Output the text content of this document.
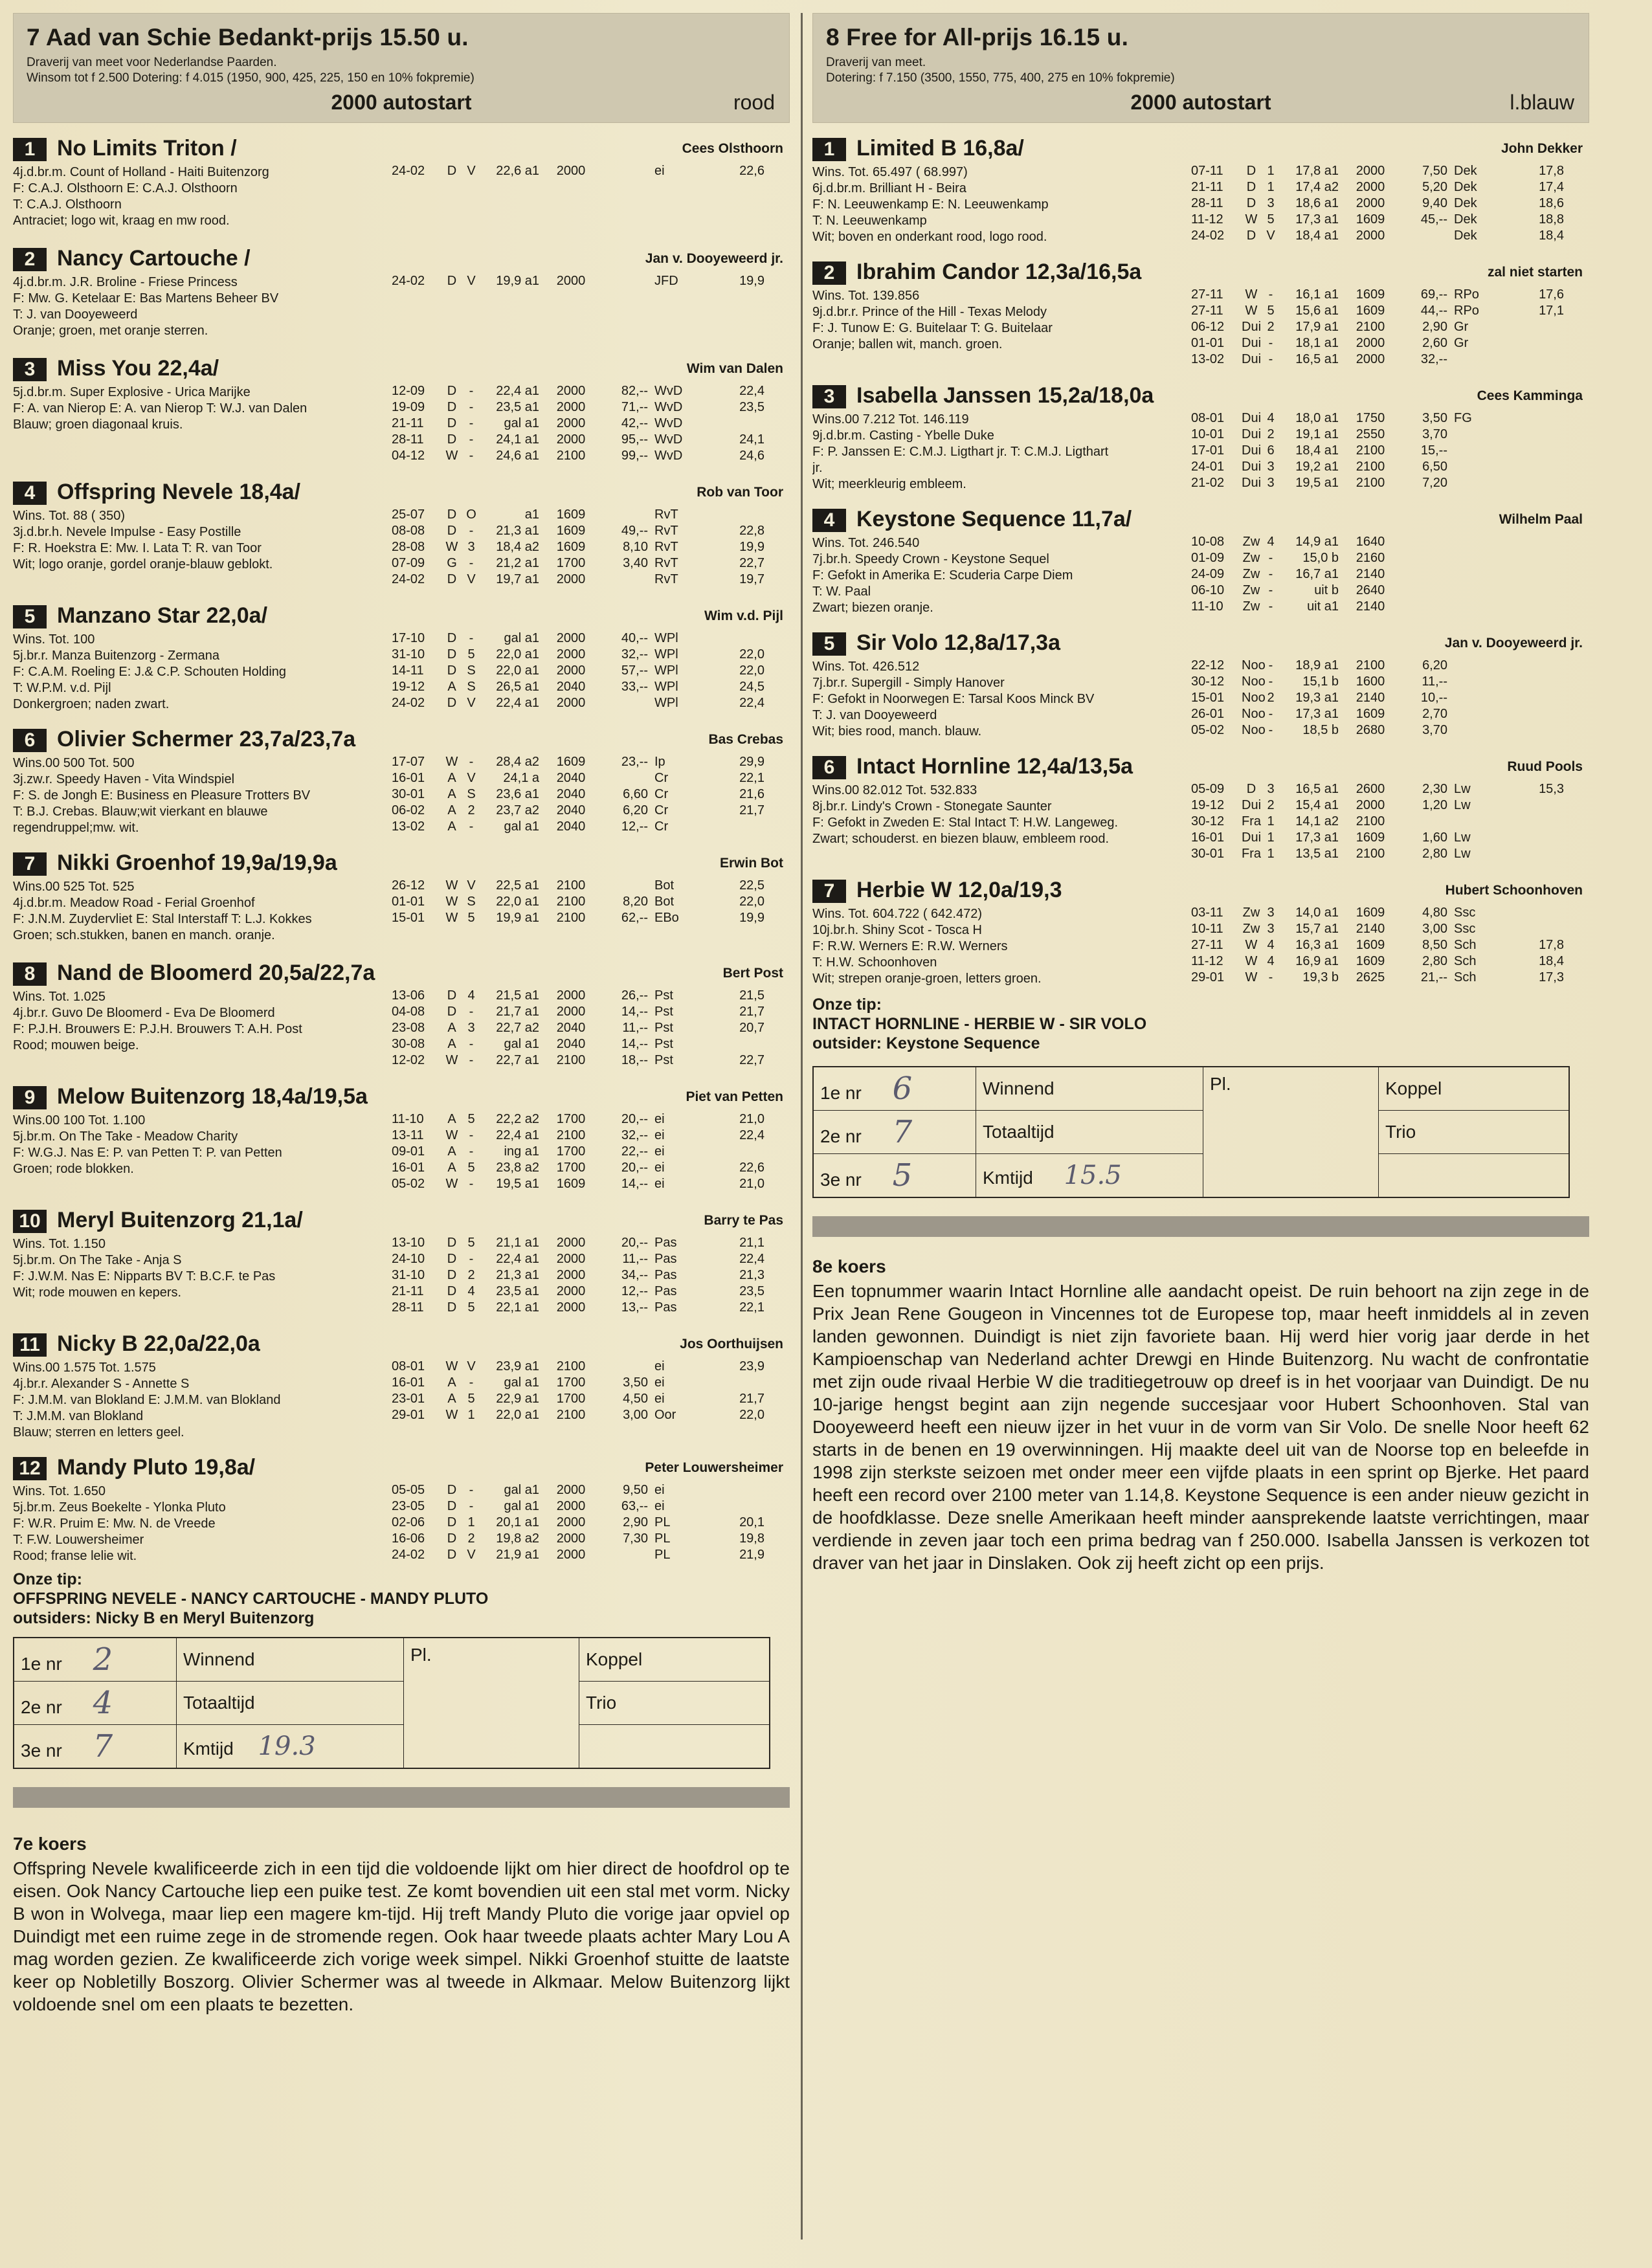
7 Aad van Schie Bedankt-prijs 15.50 u.
Draverij van meet voor Nederlandse Paarden.
Winsom tot f 2.500 Dotering: f 4.015 (1950, 900, 425, 225, 150 en 10% fokpremie)
2000 autostart	rood
1 No Limits Triton /	Cees Olsthoorn
4j.d.br.m. Count of Holland - Haiti Buitenzorg
F: C.A.J. Olsthoorn E: C.A.J. Olsthoorn
T: C.A.J. Olsthoorn
Antraciet; logo wit, kraag en mw rood.
24-02 D V 22,6 a1 2000	ei	22,6
2 Nancy Cartouche /	Jan v. Dooyeweerd jr.
4j.d.br.m. J.R. Broline - Friese Princess
F: Mw. G. Ketelaar E: Bas Martens Beheer BV
T: J. van Dooyeweerd
Oranje; groen, met oranje sterren.
24-02 D V 19,9 a1 2000	JFD	19,9
3 Miss You 22,4a/	Wim van Dalen
5j.d.br.m. Super Explosive - Urica Marijke
F: A. van Nierop E: A. van Nierop T: W.J. van Dalen
Blauw; groen diagonaal kruis.
12-09 D - 22,4 a1 2000	82,-- WvD	22,4
19-09 D - 23,5 a1 2000	71,-- WvD	23,5
21-11 D - gal a1 2000	42,-- WvD
28-11 D - 24,1 a1 2000	95,-- WvD	24,1
04-12 W - 24,6 a1 2100	99,-- WvD	24,6
4 Offspring Nevele 18,4a/	Rob van Toor
Wins. Tot. 88 ( 350)
3j.d.br.h. Nevele Impulse - Easy Postille
F: R. Hoekstra E: Mw. I. Lata T: R. van Toor
Wit; logo oranje, gordel oranje-blauw geblokt.
25-07 D O	a1 1609	RvT
08-08 D - 21,3 a1 1609	49,-- RvT	22,8
28-08 W 3 18,4 a2 1609	8,10 RvT	19,9
07-09 G - 21,2 a1 1700	3,40 RvT	22,7
24-02 D V 19,7 a1 2000	RvT	19,7
5 Manzano Star 22,0a/	Wim v.d. Pijl
Wins. Tot. 100
5j.br.r. Manza Buitenzorg - Zermana
F: C.A.M. Roeling E: J.& C.P. Schouten Holding
T: W.P.M. v.d. Pijl
Donkergroen; naden zwart.
17-10 D - gal a1 2000	40,-- WPl
31-10 D 5 22,0 a1 2000	32,-- WPl	22,0
14-11 D S 22,0 a1 2000	57,-- WPl	22,0
19-12 A S 26,5 a1 2040	33,-- WPl	24,5
24-02 D V 22,4 a1 2000	WPl	22,4
6 Olivier Schermer 23,7a/23,7a	Bas Crebas
Wins.00 500 Tot. 500
3j.zw.r. Speedy Haven - Vita Windspiel
F: S. de Jongh E: Business en Pleasure Trotters BV
T: B.J. Crebas. Blauw;wit vierkant en blauwe
regendruppel;mw. wit.
17-07 W - 28,4 a2 1609	23,-- Ip	29,9
16-01 A V 24,1 a 2040	Cr	22,1
30-01 A S 23,6 a1 2040	6,60 Cr	21,6
06-02 A 2 23,7 a2 2040	6,20 Cr	21,7
13-02 A - gal a1 2040	12,-- Cr
7 Nikki Groenhof 19,9a/19,9a	Erwin Bot
Wins.00 525 Tot. 525
4j.d.br.m. Meadow Road - Ferial Groenhof
F: J.N.M. Zuydervliet E: Stal Interstaff T: L.J. Kokkes
Groen; sch.stukken, banen en manch. oranje.
26-12 W V 22,5 a1 2100	Bot	22,5
01-01 W S 22,0 a1 2100	8,20 Bot	22,0
15-01 W 5 19,9 a1 2100	62,-- EBo	19,9
8 Nand de Bloomerd 20,5a/22,7a	Bert Post
Wins. Tot. 1.025
4j.br.r. Guvo De Bloomerd - Eva De Bloomerd
F: P.J.H. Brouwers E: P.J.H. Brouwers T: A.H. Post
Rood; mouwen beige.
13-06 D 4 21,5 a1 2000	26,-- Pst	21,5
04-08 D - 21,7 a1 2000	14,-- Pst	21,7
23-08 A 3 22,7 a2 2040	11,-- Pst	20,7
30-08 A - gal a1 2040	14,-- Pst
12-02 W - 22,7 a1 2100	18,-- Pst	22,7
9 Melow Buitenzorg 18,4a/19,5a	Piet van Petten
Wins.00 100 Tot. 1.100
5j.br.m. On The Take - Meadow Charity
F: W.G.J. Nas E: P. van Petten T: P. van Petten
Groen; rode blokken.
11-10 A 5 22,2 a2 1700	20,-- ei	21,0
13-11 W - 22,4 a1 2100	32,-- ei	22,4
09-01 A - ing a1 1700	22,-- ei
16-01 A 5 23,8 a2 1700	20,-- ei	22,6
05-02 W - 19,5 a1 1609	14,-- ei	21,0
10 Meryl Buitenzorg 21,1a/	Barry te Pas
Wins. Tot. 1.150
5j.br.m. On The Take - Anja S
F: J.W.M. Nas E: Nipparts BV T: B.C.F. te Pas
Wit; rode mouwen en kepers.
13-10 D 5 21,1 a1 2000	20,-- Pas	21,1
24-10 D - 22,4 a1 2000	11,-- Pas	22,4
31-10 D 2 21,3 a1 2000	34,-- Pas	21,3
21-11 D 4 23,5 a1 2000	12,-- Pas	23,5
28-11 D 5 22,1 a1 2000	13,-- Pas	22,1
11 Nicky B 22,0a/22,0a	Jos Oorthuijsen
Wins.00 1.575 Tot. 1.575
4j.br.r. Alexander S - Annette S
F: J.M.M. van Blokland E: J.M.M. van Blokland
T: J.M.M. van Blokland
Blauw; sterren en letters geel.
08-01 W V 23,9 a1 2100	ei	23,9
16-01 A - gal a1 1700	3,50 ei
23-01 A 5 22,9 a1 1700	4,50 ei	21,7
29-01 W 1 22,0 a1 2100	3,00 Oor	22,0
12 Mandy Pluto 19,8a/	Peter Louwersheimer
Wins. Tot. 1.650
5j.br.m. Zeus Boekelte - Ylonka Pluto
F: W.R. Pruim E: Mw. N. de Vreede
T: F.W. Louwersheimer
Rood; franse lelie wit.
05-05 D - gal a1 2000	9,50 ei
23-05 D - gal a1 2000	63,-- ei
02-06 D 1 20,1 a1 2000	2,90 PL	20,1
16-06 D 2 19,8 a2 2000	7,30 PL	19,8
24-02 D V 21,9 a1 2000	PL	21,9
Onze tip:
OFFSPRING NEVELE - NANCY CARTOUCHE - MANDY PLUTO
outsiders: Nicky B en Meryl Buitenzorg
1e nr 2	Winnend	Pl.	Koppel
2e nr 4	Totaaltijd		Trio
3e nr 7	Kmtijd 19.3		
7e koers

Offspring Nevele kwalificeerde zich in een tijd die voldoende lijkt om hier direct de hoofdrol op te eisen. Ook Nancy Cartouche liep een puike test. Ze komt bovendien uit een stal met vorm. Nicky B won in Wolvega, maar liep een magere km-tijd. Hij treft Mandy Pluto die vorige jaar opviel op Duindigt met een ruime zege in de stromende regen. Ook haar tweede plaats achter Mary Lou A mag worden gezien. Ze kwalificeerde zich vorige week simpel. Nikki Groenhof stuitte de laatste keer op Nobletilly Boszorg. Olivier Schermer was al tweede in Alkmaar. Melow Buitenzorg lijkt voldoende snel om een plaats te bezetten.

8 Free for All-prijs 16.15 u.
Draverij van meet.
Dotering: f 7.150 (3500, 1550, 775, 400, 275 en 10% fokpremie)
2000 autostart	l.blauw
1 Limited B 16,8a/	John Dekker
Wins. Tot. 65.497 ( 68.997)
6j.d.br.m. Brilliant H - Beira
F: N. Leeuwenkamp E: N. Leeuwenkamp
T: N. Leeuwenkamp
Wit; boven en onderkant rood, logo rood.
07-11 D 1 17,8 a1 2000	7,50 Dek	17,8
21-11 D 1 17,4 a2 2000	5,20 Dek	17,4
28-11 D 3 18,6 a1 2000	9,40 Dek	18,6
11-12 W 5 17,3 a1 1609	45,-- Dek	18,8
24-02 D V 18,4 a1 2000	Dek	18,4
2 Ibrahim Candor 12,3a/16,5a	zal niet starten
Wins. Tot. 139.856
9j.d.br.r. Prince of the Hill - Texas Melody
F: J. Tunow E: G. Buitelaar T: G. Buitelaar
Oranje; ballen wit, manch. groen.
27-11 W - 16,1 a1 1609	69,-- RPo	17,6
27-11 W 5 15,6 a1 1609	44,-- RPo	17,1
06-12 Dui 2 17,9 a1 2100	2,90 Gr
01-01 Dui - 18,1 a1 2000	2,60 Gr
13-02 Dui - 16,5 a1 2000	32,--
3 Isabella Janssen 15,2a/18,0a	Cees Kamminga
Wins.00 7.212 Tot. 146.119
9j.d.br.m. Casting - Ybelle Duke
F: P. Janssen E: C.M.J. Ligthart jr. T: C.M.J. Ligthart
jr.
Wit; meerkleurig embleem.
08-01 Dui 4 18,0 a1 1750	3,50 FG
10-01 Dui 2 19,1 a1 2550	3,70
17-01 Dui 6 18,4 a1 2100	15,--
24-01 Dui 3 19,2 a1 2100	6,50
21-02 Dui 3 19,5 a1 2100	7,20
4 Keystone Sequence 11,7a/	Wilhelm Paal
Wins. Tot. 246.540
7j.br.h. Speedy Crown - Keystone Sequel
F: Gefokt in Amerika E: Scuderia Carpe Diem
T: W. Paal
Zwart; biezen oranje.
10-08 Zw 4 14,9 a1 1640
01-09 Zw - 15,0 b 2160
24-09 Zw - 16,7 a1 2140
06-10 Zw -	uit b 2640
11-10 Zw -	uit a1 2140
5 Sir Volo 12,8a/17,3a	Jan v. Dooyeweerd jr.
Wins. Tot. 426.512
7j.br.r. Supergill - Simply Hanover
F: Gefokt in Noorwegen E: Tarsal Koos Minck BV
T: J. van Dooyeweerd
Wit; bies rood, manch. blauw.
22-12 Noo - 18,9 a1 2100	6,20
30-12 Noo - 15,1 b 1600	11,--
15-01 Noo 2 19,3 a1 2140	10,--
26-01 Noo - 17,3 a1 1609	2,70
05-02 Noo - 18,5 b 2680	3,70
6 Intact Hornline 12,4a/13,5a	Ruud Pools
Wins.00 82.012 Tot. 532.833
8j.br.r. Lindy's Crown - Stonegate Saunter
F: Gefokt in Zweden E: Stal Intact T: H.W. Langeweg.
Zwart; schouderst. en biezen blauw, embleem rood.
05-09 D 3 16,5 a1 2600	2,30 Lw	15,3
19-12 Dui 2 15,4 a1 2000	1,20 Lw
30-12 Fra 1 14,1 a2 2100
16-01 Dui 1 17,3 a1 1609	1,60 Lw
30-01 Fra 1 13,5 a1 2100	2,80 Lw
7 Herbie W 12,0a/19,3	Hubert Schoonhoven
Wins. Tot. 604.722 ( 642.472)
10j.br.h. Shiny Scot - Tosca H
F: R.W. Werners E: R.W. Werners
T: H.W. Schoonhoven
Wit; strepen oranje-groen, letters groen.
03-11 Zw 3 14,0 a1 1609	4,80 Ssc
10-11 Zw 3 15,7 a1 2140	3,00 Ssc
27-11 W 4 16,3 a1 1609	8,50 Sch	17,8
11-12 W 4 16,9 a1 1609	2,80 Sch	18,4
29-01 W - 19,3 b 2625	21,-- Sch	17,3
Onze tip:
INTACT HORNLINE - HERBIE W - SIR VOLO
outsider: Keystone Sequence
1e nr 6	Winnend	Pl.	Koppel
2e nr 7	Totaaltijd		Trio
3e nr 5	Kmtijd 15.5		
8e koers

Een topnummer waarin Intact Hornline alle aandacht opeist. De ruin behoort na zijn zege in de Prix Jean Rene Gougeon in Vincennes tot de Europese top, maar heeft inmiddels al in zeven landen gewonnen. Duindigt is niet zijn favoriete baan. Hij werd hier vorig jaar derde in het Kampioenschap van Nederland achter Drewgi en Hinde Buitenzorg. Nu wacht de confrontatie met zijn oude rivaal Herbie W die traditiegetrouw op dreef is in het voorjaar van Duindigt. De nu 10-jarige hengst begint aan zijn negende succesjaar voor Hubert Schoonhoven. Stal van Dooyeweerd heeft een nieuw ijzer in het vuur in de vorm van Sir Volo. De snelle Noor heeft 62 starts in de benen en 19 overwinningen. Hij maakte deel uit van de Noorse top en beleefde in 1998 zijn sterkste seizoen met onder meer een vijfde plaats in een sprint op Bjerke. Het paard heeft een record over 2100 meter van 1.14,8. Keystone Sequence is een ander nieuw gezicht in de hoofdklasse. Deze snelle Amerikaan heeft minder aansprekende laatste verrichtingen, maar verdiende in zeven jaar toch een prima bedrag van f 250.000. Isabella Janssen is verkozen tot draver van het jaar in Dinslaken. Ook zij heeft zicht op een prijs.
